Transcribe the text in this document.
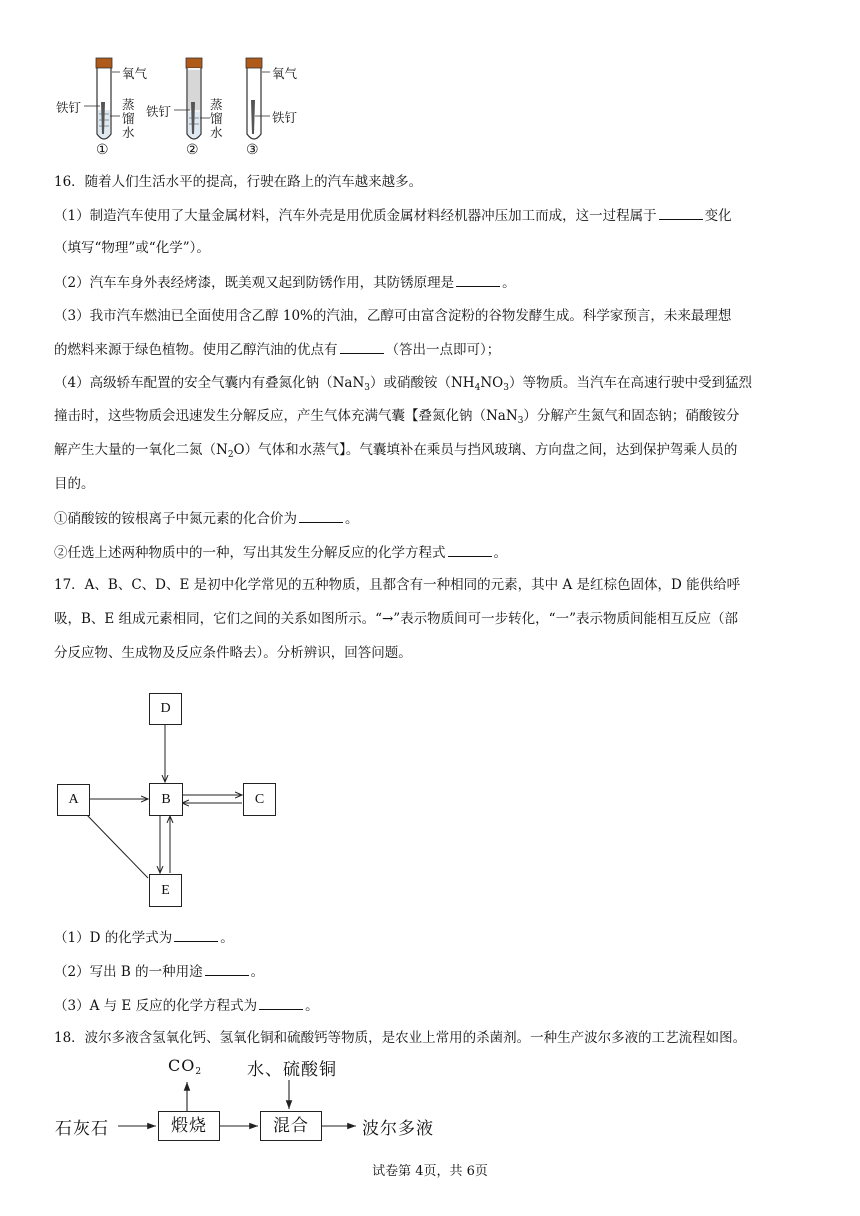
氧气
铁钉	蒸
馏
水
①
铁钉	蒸
馏
水
②
氧气
铁钉
③
16．随着人们生活水平的提高，行驶在路上的汽车越来越多。
（1）制造汽车使用了大量金属材料，汽车外壳是用优质金属材料经机器冲压加工而成，这一过程属于	变化
（填写“物理”或“化学”）。
（2）汽车车身外表经烤漆，既美观又起到防锈作用，其防锈原理是	。
（3）我市汽车燃油已全面使用含乙醇 10%的汽油，乙醇可由富含淀粉的谷物发酵生成。科学家预言，未来最理想
的燃料来源于绿色植物。使用乙醇汽油的优点有	（答出一点即可）；
（4）高级轿车配置的安全气囊内有叠氮化钠（NaN$_3$）或硝酸铵$(NH_4NO_3)$等物质。当汽车在高速行驶中受到猛烈
撞击时，这些物质会迅速发生分解反应，产生气体充满气囊【叠氮化钠（NaN$_3$）分解产生氮气和固态钠；硝酸铵分
解产生大量的一氧化二氮$(N_2O)$气体和水蒸气】。气囊填补在乘员与挡风玻璃、方向盘之间，达到保护驾乘人员的
目的。
①硝酸铵的铵根离子中氮元素的化合价为	。
②任选上述两种物质中的一种，写出其发生分解反应的化学方程式	。
17．A、B、C、D、E 是初中化学常见的五种物质，且都含有一种相同的元素，其中 A 是红棕色固体，D 能供给呼
吸，B、E 组成元素相同，它们之间的关系如图所示。“→”表示物质间可一步转化，“一”表示物质间能相互反应（部
分反应物、生成物及反应条件略去）。分析辨识，回答问题。
D
A	B	C
E
（1）D 的化学式为	。
（2）写出 B 的一种用途	。
（3）A 与 E 反应的化学方程式为	。
18．波尔多液含氢氧化钙、氢氧化铜和硫酸钙等物质，是农业上常用的杀菌剂。一种生产波尔多液的工艺流程如图。
$CO_2$	水、硫酸铜
石灰石	煅烧	混合	波尔多液
试卷第 4页，共 6页
